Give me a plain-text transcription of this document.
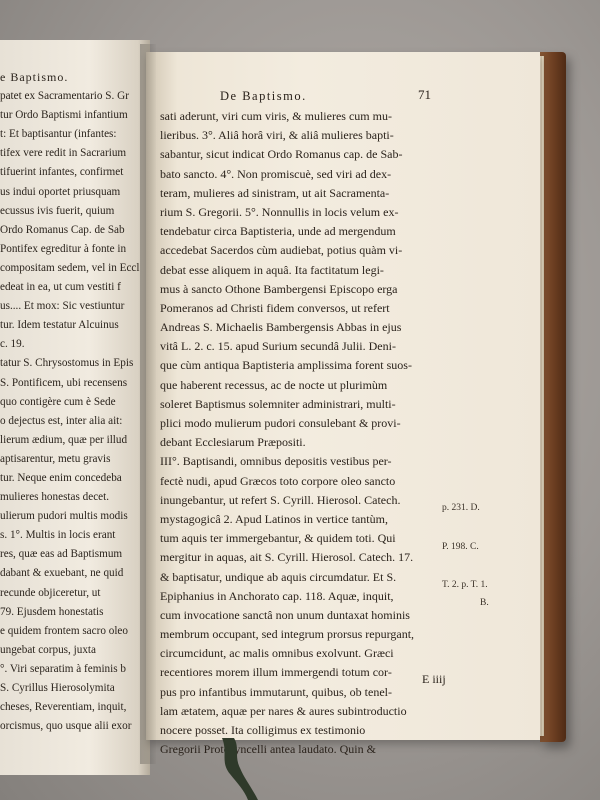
e Baptismo.
patet ex Sacramentario S. Gr
tur Ordo Baptismi infantium
t: Et baptisantur (infantes:
tifex vere redit in Sacrarium
tifuerint infantes, confirmet
us indui oportet priusquam
ecussus ivis fuerit, quium
Ordo Romanus Cap. de Sab
Pontifex egreditur à fonte in
compositam sedem, vel in Eccl
edeat in ea, ut cum vestiti f
us.... Et mox: Sic vestiuntur
tur. Idem testatur Alcuinus
c. 19.
tatur S. Chrysostomus in Epis
S. Pontificem, ubi recensens
quo contigère cum è Sede
o dejectus est, inter alia ait:
lierum ædium, quæ per illud
aptisarentur, metu gravis
tur. Neque enim concedeba
mulieres honestas decet.
ulierum pudori multis modis
s. 1°. Multis in locis erant
res, quæ eas ad Baptismum
dabant & exuebant, ne quid
recunde objiceretur, ut
79. Ejusdem honestatis
e quidem frontem sacro oleo
ungebat corpus, juxta
°. Viri separatim à feminis b
S. Cyrillus Hierosolymita
cheses, Reverentiam, inquit,
orcismus, quo usque alii exor
De Baptismo.	71
sati aderunt, viri cum viris, & mulieres cum mu-
lieribus. 3°. Aliâ horâ viri, & aliâ mulieres bapti-
sabantur, sicut indicat Ordo Romanus cap. de Sab-
bato sancto. 4°. Non promiscuè, sed viri ad dex-
teram, mulieres ad sinistram, ut ait Sacramenta-
rium S. Gregorii. 5°. Nonnullis in locis velum ex-
tendebatur circa Baptisteria, unde ad mergendum
accedebat Sacerdos cùm audiebat, potius quàm vi-
debat esse aliquem in aquâ. Ita factitatum legi-
mus à sancto Othone Bambergensi Episcopo erga
Pomeranos ad Christi fidem conversos, ut refert
Andreas S. Michaelis Bambergensis Abbas in ejus
vitâ L. 2. c. 15. apud Surium secundâ Julii. Deni-
que cùm antiqua Baptisteria amplissima forent suos-
que haberent recessus, ac de nocte ut plurimùm
soleret Baptismus solemniter administrari, multi-
plici modo mulierum pudori consulebant & provi-
debant Ecclesiarum Præpositi.
III°. Baptisandi, omnibus depositis vestibus per-
fectè nudi, apud Græcos toto corpore oleo sancto
inungebantur, ut refert S. Cyrill. Hierosol. Catech.
mystagogicâ 2. Apud Latinos in vertice tantùm,
tum aquis ter immergebantur, & quidem toti. Qui
mergitur in aquas, ait S. Cyrill. Hierosol. Catech. 17.
& baptisatur, undique ab aquis circumdatur. Et S.
Epiphanius in Anchorato cap. 118. Aquæ, inquit,
cum invocatione sanctâ non unum duntaxat hominis
membrum occupant, sed integrum prorsus repurgant,
circumcidunt, ac malis omnibus exolvunt. Græci
recentiores morem illum immergendi totum cor-
pus pro infantibus immutarunt, quibus, ob tenel-
lam ætatem, aquæ per nares & aures subintroductio
nocere posset. Ita colligimus ex testimonio
Gregorii Protosyncelli antea laudato. Quin &
p. 231. D.
P. 198. C.
T. 2. p. T. 1.
B.
E iiij
